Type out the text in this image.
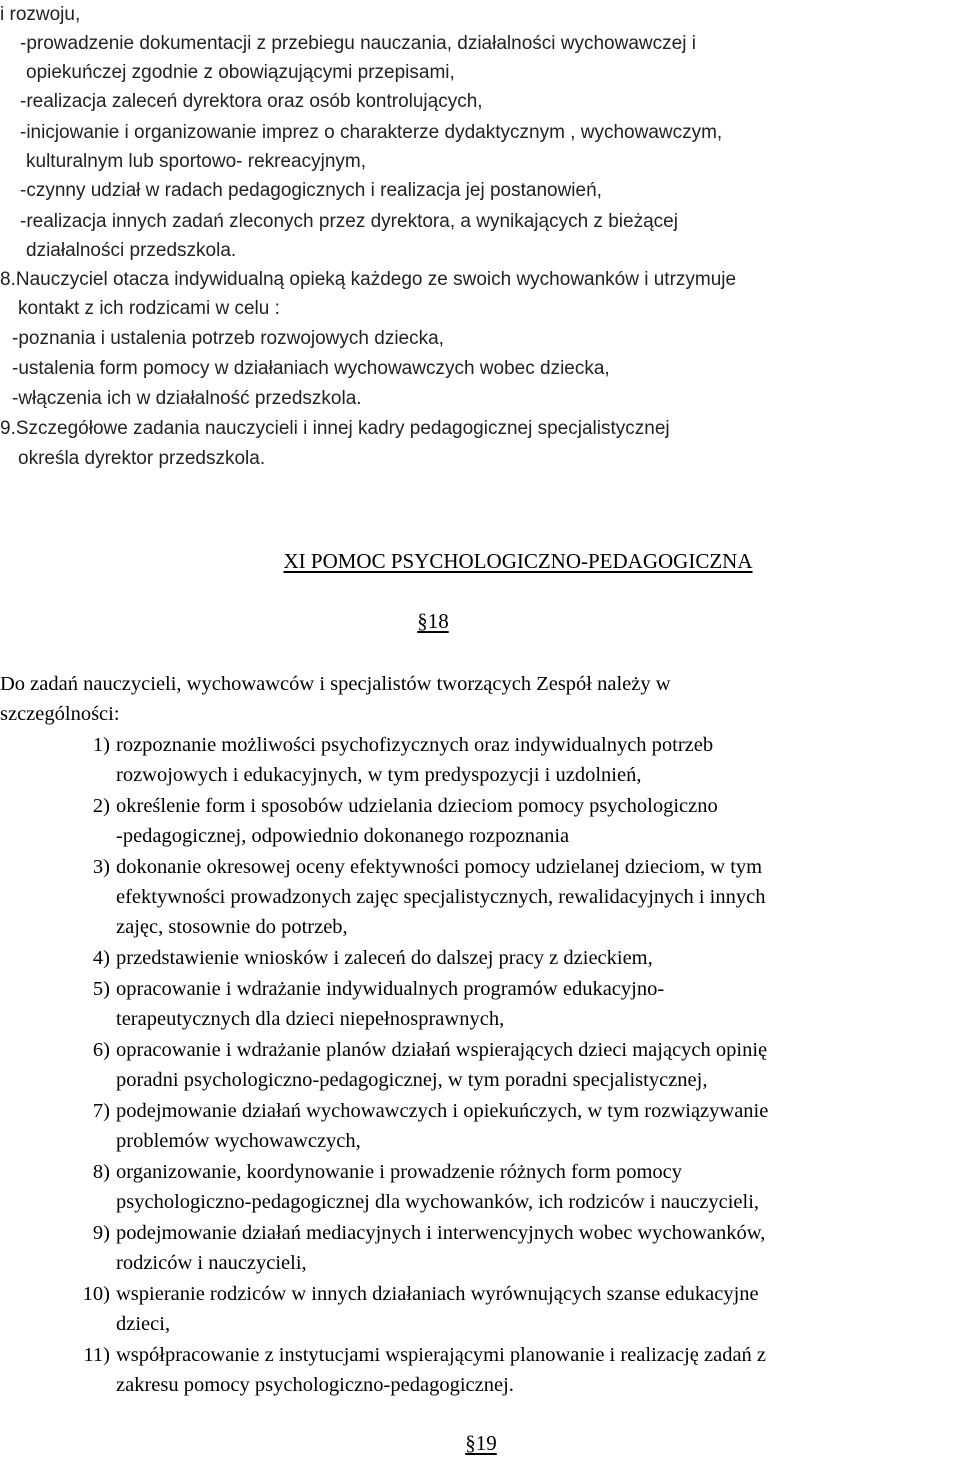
i rozwoju,
-prowadzenie dokumentacji z przebiegu nauczania, działalności wychowawczej i
opiekuńczej zgodnie z obowiązującymi przepisami,
-realizacja zaleceń dyrektora oraz osób kontrolujących,
-inicjowanie i organizowanie imprez o charakterze dydaktycznym , wychowawczym,
kulturalnym lub sportowo- rekreacyjnym,
-czynny udział w radach pedagogicznych i realizacja jej postanowień,
-realizacja innych zadań zleconych przez dyrektora, a wynikających z bieżącej
działalności przedszkola.
8.Nauczyciel otacza indywidualną opieką każdego ze swoich wychowanków i utrzymuje
kontakt z ich rodzicami w celu :
-poznania i ustalenia potrzeb rozwojowych dziecka,
-ustalenia form pomocy w działaniach wychowawczych wobec dziecka,
-włączenia ich w działalność przedszkola.
9.Szczegółowe zadania nauczycieli i innej kadry pedagogicznej specjalistycznej
określa dyrektor przedszkola.
XI POMOC PSYCHOLOGICZNO-PEDAGOGICZNA
§18
Do zadań nauczycieli, wychowawców i specjalistów tworzących Zespół należy w
szczególności:
1) rozpoznanie możliwości psychofizycznych oraz indywidualnych potrzeb
rozwojowych i edukacyjnych, w tym predyspozycji i uzdolnień,
2) określenie form i sposobów udzielania dzieciom pomocy psychologiczno
-pedagogicznej, odpowiednio dokonanego rozpoznania
3) dokonanie okresowej oceny efektywności pomocy udzielanej dzieciom, w tym
efektywności prowadzonych zajęc specjalistycznych, rewalidacyjnych i innych
zajęc, stosownie do potrzeb,
4) przedstawienie wniosków i zaleceń do dalszej pracy z dzieckiem,
5) opracowanie i wdrażanie indywidualnych programów edukacyjno-
terapeutycznych dla dzieci niepełnosprawnych,
6) opracowanie i wdrażanie planów działań wspierających dzieci mających opinię
poradni psychologiczno-pedagogicznej, w tym poradni specjalistycznej,
7) podejmowanie działań wychowawczych i opiekuńczych, w tym rozwiązywanie
problemów wychowawczych,
8) organizowanie, koordynowanie i prowadzenie różnych form pomocy
psychologiczno-pedagogicznej dla wychowanków, ich rodziców i nauczycieli,
9) podejmowanie działań mediacyjnych i interwencyjnych wobec wychowanków,
rodziców i nauczycieli,
10) wspieranie rodziców w innych działaniach wyrównujących szanse edukacyjne
dzieci,
11) współpracowanie z instytucjami wspierającymi planowanie i realizację zadań z
zakresu pomocy psychologiczno-pedagogicznej.
§19
